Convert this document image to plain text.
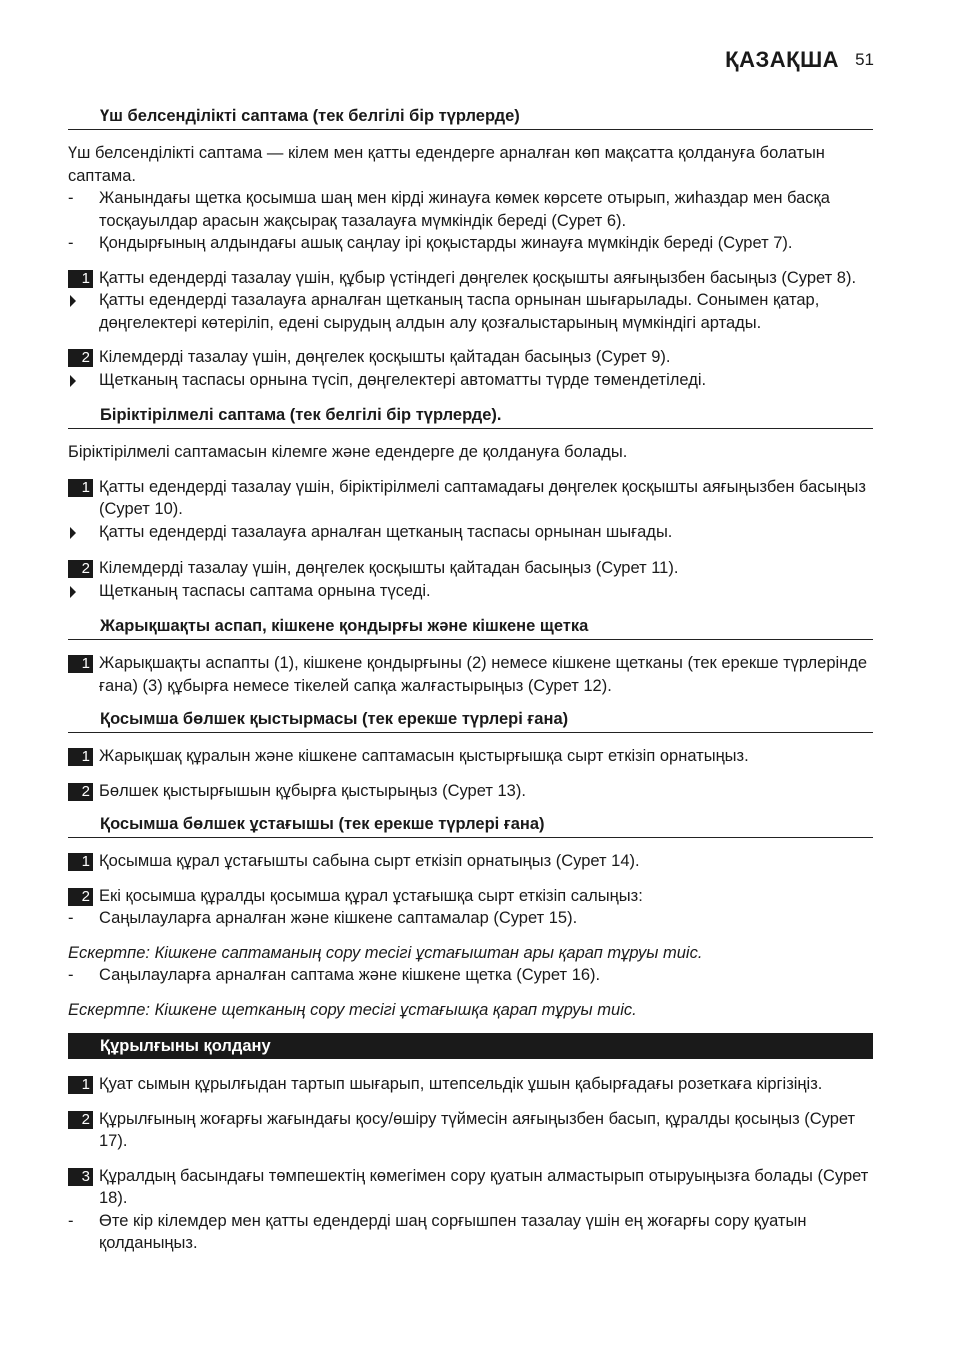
ҚАЗАҚША 51
Үш белсенділікті саптама (тек белгілі бір түрлерде)
Үш белсенділікті саптама — кілем мен қатты едендерге арналған көп мақсатта қолдануға болатын саптама.
-	Жанындағы щетка қосымша шаң мен кірді жинауға көмек көрсете отырып, жиһаздар мен басқа тосқауылдар арасын жақсырақ тазалауға мүмкіндік береді (Сурет 6).
-	Қондырғының алдындағы ашық саңлау ірі қоқыстарды жинауға мүмкіндік береді (Сурет 7).
1 Қатты едендерді тазалау үшін, құбыр үстіндегі дөңгелек қосқышты аяғыңызбен басыңыз (Сурет 8).
Қатты едендерді тазалауға арналған щетканың таспа орнынан шығарылады. Сонымен қатар, дөңгелектері көтеріліп, едені сырудың алдын алу қозғалыстарының мүмкіндігі артады.
2 Кілемдерді тазалау үшін, дөңгелек қосқышты қайтадан басыңыз (Сурет 9).
Щетканың таспасы орнына түсіп, дөңгелектері автоматты түрде төмендетіледі.
Біріктірілмелі саптама (тек белгілі бір түрлерде).
Біріктірілмелі саптамасын кілемге және едендерге де қолдануға болады.
1 Қатты едендерді тазалау үшін, біріктірілмелі саптамадағы дөңгелек қосқышты аяғыңызбен басыңыз (Сурет 10).
Қатты едендерді тазалауға арналған щетканың таспасы орнынан шығады.
2 Кілемдерді тазалау үшін, дөңгелек қосқышты қайтадан басыңыз (Сурет 11).
Щетканың таспасы саптама орнына түседі.
Жарықшақты аспап, кішкене қондырғы және кішкене щетка
1 Жарықшақты аспапты (1), кішкене қондырғыны (2) немесе кішкене щетканы (тек ерекше түрлерінде ғана) (3) құбырға немесе тікелей сапқа жалғастырыңыз (Сурет 12).
Қосымша бөлшек қыстырмасы (тек ерекше түрлері ғана)
1 Жарықшақ құралын және кішкене саптамасын қыстырғышқа сырт еткізіп орнатыңыз.
2 Бөлшек қыстырғышын құбырға қыстырыңыз (Сурет 13).
Қосымша бөлшек ұстағышы (тек ерекше түрлері ғана)
1 Қосымша құрал ұстағышты сабына сырт еткізіп орнатыңыз (Сурет 14).
2 Екі қосымша құралды қосымша құрал ұстағышқа сырт еткізіп салыңыз:
-	Саңылауларға арналған және кішкене саптамалар (Сурет 15).
Ескертпе: Кішкене саптаманың сору тесігі ұстағыштан ары қарап тұруы тиіс.
-	Саңылауларға арналған саптама және кішкене щетка (Сурет 16).
Ескертпе: Кішкене щетканың сору тесігі ұстағышқа қарап тұруы тиіс.
Құрылғыны қолдану
1 Қуат сымын құрылғыдан тартып шығарып, штепсельдік ұшын қабырғадағы розеткаға кіргізіңіз.
2 Құрылғының жоғарғы жағындағы қосу/өшіру түймесін аяғыңызбен басып, құралды қосыңыз (Сурет 17).
3 Құралдың басындағы төмпешектің көмегімен сору қуатын алмастырып отыруыңызға болады (Сурет 18).
-	Өте кір кілемдер мен қатты едендерді шаң сорғышпен тазалау үшін ең жоғарғы сору қуатын қолданыңыз.
